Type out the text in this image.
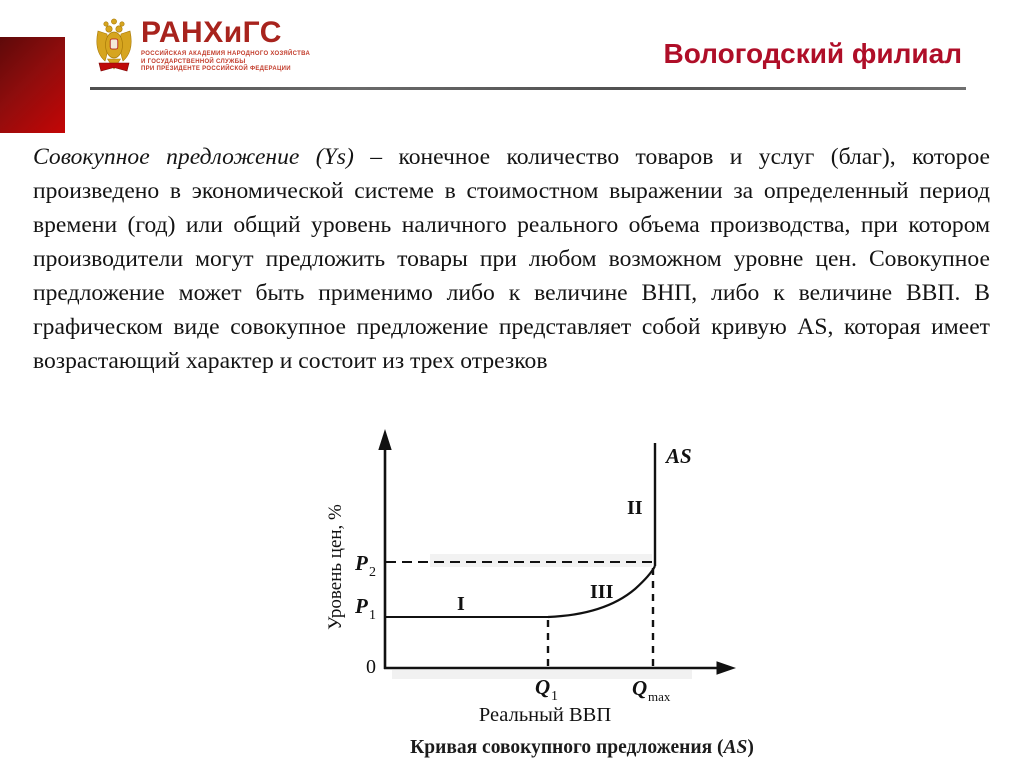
РАНХиГС
РОССИЙСКАЯ АКАДЕМИЯ НАРОДНОГО ХОЗЯЙСТВА
И ГОСУДАРСТВЕННОЙ СЛУЖБЫ
ПРИ ПРЕЗИДЕНТЕ РОССИЙСКОЙ ФЕДЕРАЦИИ	Вологодский филиал
Совокупное предложение (Ys) – конечное количество товаров и услуг (благ), которое произведено в экономической системе в стоимостном выражении за определенный период времени (год) или общий уровень наличного реального объема производства, при котором производители могут предложить товары при любом возможном уровне цен. Совокупное предложение может быть применимо либо к величине ВНП, либо к величине ВВП. В графическом виде совокупное предложение представляет собой кривую AS, которая имеет возрастающий характер и состоит из трех отрезков
Уровень цен, %
Реальный ВВП
P 2
P 1
0
Q 1	Q max
I
III
II
AS
Кривая совокупного предложения (AS)
